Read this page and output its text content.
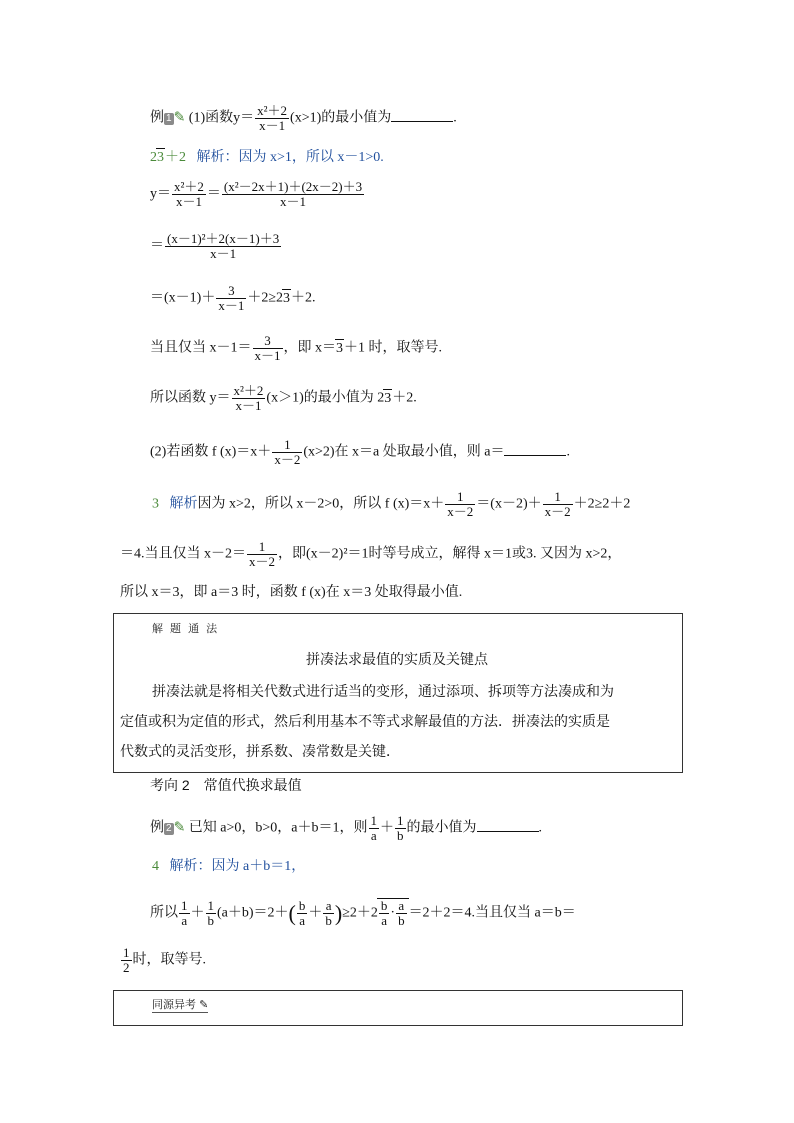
例 1 ✎ (1)函数$y= \frac{\text{x²＋2}}{x-1} (x>1)$的最小值为	.
23＋2 解析：因为 x>1，所以 x－1>0.
$y= \frac{\text{x²＋2}}{x-1} = \frac{\text{(x²－2x＋1)＋(2x－2)＋3}}{x-1}$
＝ $\frac{\text{(x－1)²＋2(x－1)＋3}}{x-1}$
$=(x-1)+ \frac{3}{x-1} +2\ge 23+2$.
当且仅当 $x-1= \frac{3}{x-1}$ ，即 x＝3＋1 时，取等号.
所以函数 $y= \frac{\text{x²＋2}}{x-1} (x>1)$的最小值为 23＋2.
(2)若函数 f $(x)=x+ \frac{1}{x-2} (x>2)$在 x＝a 处取最小值，则 a＝	.
3 解析因为 x>2，所以 x－2>0，所以 f $(x)=x+ \frac{1}{x-2} =(x-2)+ \frac{1}{x-2} +2\ge 2+2$
＝4.当且仅当 $x-2= \frac{1}{x-2}$ ，即(x－2)²＝1时等号成立，解得 x＝1或3. 又因为 x>2，
所以 x＝3，即 a＝3 时，函数 f (x)在 x＝3 处取得最小值.
解 题 通 法
拼凑法求最值的实质及关键点
拼凑法就是将相关代数式进行适当的变形，通过添项、拆项等方法凑成和为
定值或积为定值的形式，然后利用基本不等式求解最值的方法．拼凑法的实质是
代数式的灵活变形，拼系数、凑常数是关键．
考向 2　常值代换求最值
例 2 ✎ 已知 a>0，b>0，a＋b＝1，则 $\frac{1}{a} + \frac{1}{b}$ 的最小值为	.
4 解析：因为 a＋b＝1，
所以 $\frac{1}{a} + \frac{1}{b} (a+b)=2+( \frac{b}{a} + \frac{a}{b} )\ge 2+2 \frac{b}{a} \cdot \frac{a}{b} =2+2=4$.当且仅当 a＝b＝
$\frac{1}{2}$ 时，取等号.
同源异考 ✎
